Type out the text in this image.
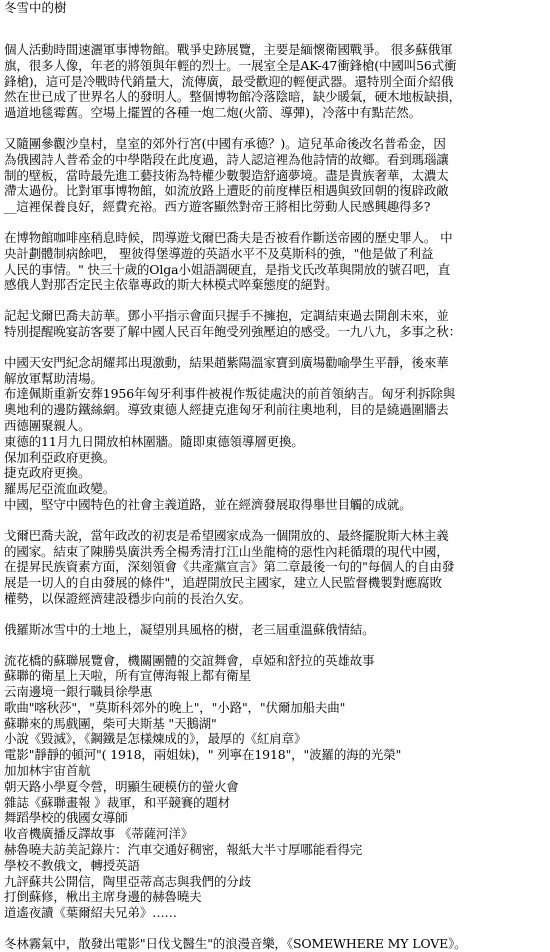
冬雪中的樹
個人活動時間速灑軍事博物館。戰爭史跡展覽，主要是緬懷衛國戰爭。 很多蘇俄軍
旗，很多人像，年老的將領與年輕的烈士。一展室全是AK-47衝鋒槍(中國叫56式衝
鋒槍)，這可是冷戰時代銷量大，流傳廣，最受歡迎的輕便武器。還特別全面介紹俄
然在世已成了世界名人的發明人。整個博物館冷落陰暗，缺少暖氣，硬木地板缺損，
過道地毯霉舊。空場上擺置的各種一炮二炮(火箭、導彈)，冷落中有點茫然。
又隨團參觀沙皇村，皇室的郊外行宮(中國有承德？)。這兒革命後改名普希金，因
為俄國詩人普希金的中學階段在此度過，詩人認這裡為他詩情的故鄉。看到瑪瑙讓
制的壁板，當時最先進工藝技術為特權少數製造舒適夢境。盡是貴族奢華，太濃太
滯太過份。比對軍事博物館，如流放路上遭貶的前度樺臣相遇與致回朝的復辟政敵
__這裡保養良好，經費充裕。西方遊客顯然對帝王將相比勞動人民感興趣得多?
在博物館咖啡座稍息時候，問導遊戈爾巴喬夫是否被看作斷送帝國的歷史罪人。 中
央計劃體制病餘吧， 聖彼得堡導遊的英語水平不及莫斯科的強，"他是做了利益
人民的事情。" 快三十歲的Olga小姐語調硬直，是指戈氏改革與開放的號召吧，直
感俄人對那否定民主依靠專政的斯大林模式啐棄態度的絕對。
記起戈爾巴喬夫訪華。鄧小平指示會面只握手不擁抱，定調結束過去開創未來，並
特別提醒晚宴訪客要了解中國人民百年飽受列強壓迫的感受。一九八九，多事之秋：
中國天安門紀念胡耀邦出現激動，結果趙紫陽溫家寶到廣場勸喻學生平靜，後來華
解放軍幫助清場。
布達佩斯重新安葬1956年匈牙利事件被視作叛徒處決的前首領納吉。匈牙利拆除與
奧地利的邊防鐵絲網。導致東德人經捷克進匈牙利前往奧地利，目的是繞過圍牆去
西德團聚親人。
東德的11月九日開放柏林圍牆。隨即東德領導層更換。
保加利亞政府更換。
捷克政府更換。
羅馬尼亞流血政變。
中國，堅守中國特色的社會主義道路，並在經濟發展取得舉世目觸的成就。
戈爾巴喬夫說，當年政改的初衷是希望國家成為一個開放的、最終擺脫斯大林主義
的國家。結束了陳勝吳廣洪秀全楊秀清打江山坐龍椅的惡性內耗循環的現代中國，
在提昇民族資素方面，深刻領會《共產黨宣言》第二章最後一句的"每個人的自由發
展是一切人的自由發展的條件"，追趕開放民主國家，建立人民監督機製對應腐敗
權勢，以保證經濟建設穩步向前的長治久安。
俄羅斯冰雪中的土地上，凝望別具風格的樹，老三屆重溫蘇俄情結。
流花橋的蘇聯展覽會，機關團體的交誼舞會，卓婭和舒拉的英雄故事
蘇聯的衛星上天啦，所有宣傳海報上都有衛星
云南邊境一銀行職員徐學惠
歌曲"喀秋莎"，"莫斯科郊外的晚上"，"小路"，"伏爾加船夫曲"
蘇聯來的馬戲團，柴可夫斯基 "天鵝湖"
小說《毀滅》，《鋼鐵是怎樣煉成的》，最厚的《紅肩章》
電影"靜靜的頓河"( 1918，兩姐妹)，" 列寧在1918"，"波羅的海的光榮"
加加林宇宙首航
朝天路小學夏令營，明顯生硬模仿的螢火會
雜誌《蘇聯畫報 》裁軍，和平競賽的題材
舞蹈學校的俄國女導師
收音機廣播反譯故事 《蒂薩河洋》
赫魯曉夫訪美記錄片：汽車交通好稠密，報紙大半寸厚哪能看得完
學校不教俄文，轉授英語
九評蘇共公開信，陶里亞蒂高志與我們的分歧
打倒蘇修，楸出主席身邊的赫魯曉夫
道遙夜讀《葉爾紹夫兄弟》……
冬林霧氣中，散發出電影"日伐戈醫生"的浪漫音樂，《SOMEWHERE MY LOVE》。
